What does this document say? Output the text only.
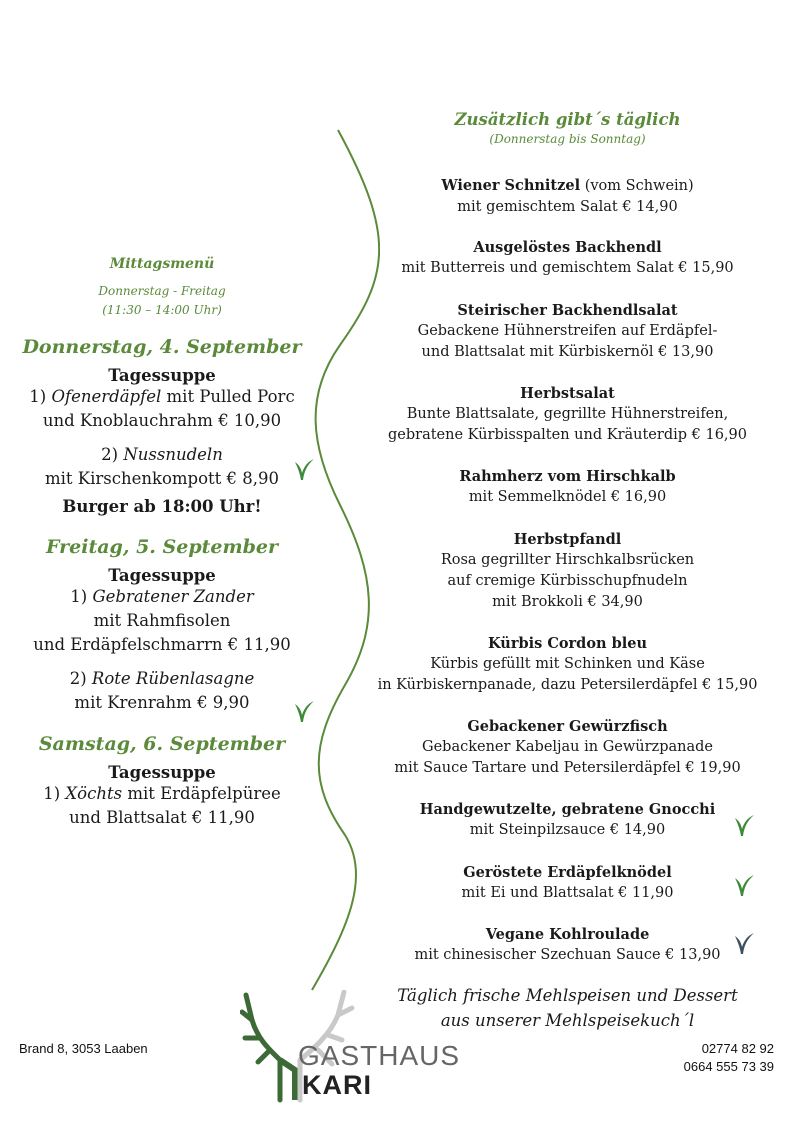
Mittagsmenü
Donnerstag - Freitag
(11:30 – 14:00 Uhr)
Donnerstag, 4. September
Tagessuppe
1) Ofenerdäpfel mit Pulled Porc
und Knoblauchrahm € 10,90
2) Nussnudeln
mit Kirschenkompott € 8,90
Burger ab 18:00 Uhr!
Freitag, 5. September
Tagessuppe
1) Gebratener Zander
mit Rahmfisolen
und Erdäpfelschmarrn € 11,90
2) Rote Rübenlasagne
mit Krenrahm € 9,90
Samstag, 6. September
Tagessuppe
1) Xöchts mit Erdäpfelpüree
und Blattsalat € 11,90
Zusätzlich gibt´s täglich
(Donnerstag bis Sonntag)
Wiener Schnitzel (vom Schwein)
mit gemischtem Salat € 14,90
Ausgelöstes Backhendl
mit Butterreis und gemischtem Salat € 15,90
Steirischer Backhendlsalat
Gebackene Hühnerstreifen auf Erdäpfel-
und Blattsalat mit Kürbiskernöl € 13,90
Herbstsalat
Bunte Blattsalate, gegrillte Hühnerstreifen,
gebratene Kürbisspalten und Kräuterdip € 16,90
Rahmherz vom Hirschkalb
mit Semmelknödel € 16,90
Herbstpfandl
Rosa gegrillter Hirschkalbsrücken
auf cremige Kürbisschupfnudeln
mit Brokkoli € 34,90
Kürbis Cordon bleu
Kürbis gefüllt mit Schinken und Käse
in Kürbiskernpanade, dazu Petersilerdäpfel € 15,90
Gebackener Gewürzfisch
Gebackener Kabeljau in Gewürzpanade
mit Sauce Tartare und Petersilerdäpfel € 19,90
Handgewutzelte, gebratene Gnocchi
mit Steinpilzsauce € 14,90
Geröstete Erdäpfelknödel
mit Ei und Blattsalat € 11,90
Vegane Kohlroulade
mit chinesischer Szechuan Sauce € 13,90
Täglich frische Mehlspeisen und Dessert
aus unserer Mehlspeisekuch´l
Brand 8, 3053 Laaben	02774 82 92
0664 555 73 39
GASTHAUS
KARI
